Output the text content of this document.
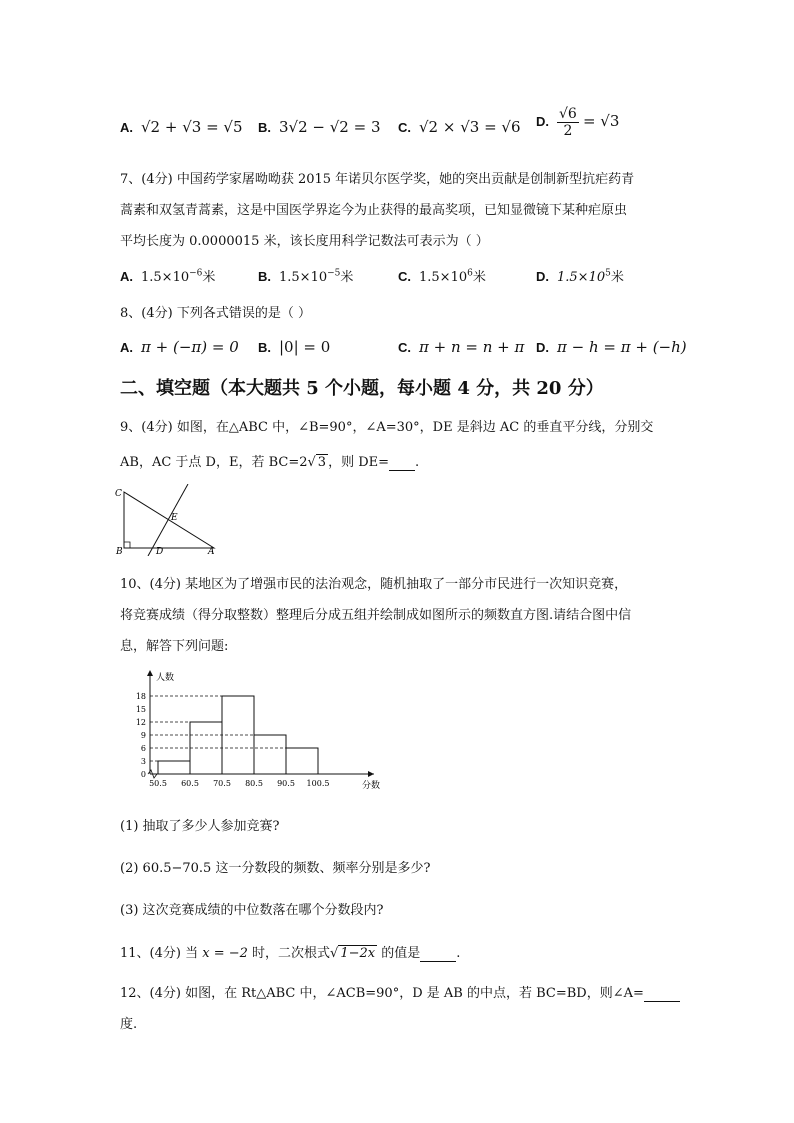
A. √2 + √3 = √5 B. 3√2 − √2 = 3 C. √2 × √3 = √6 D. $\frac{√6}{2} = √3$
7、(4分) 中国药学家屠呦呦获 2015 年诺贝尔医学奖，她的突出贡献是创制新型抗疟药青
蒿素和双氢青蒿素，这是中国医学界迄今为止获得的最高奖项，已知显微镜下某种疟原虫
平均长度为 0.0000015 米，该长度用科学记数法可表示为（ ）
A. $1.5\times 10^{-6}$米	B. $1.5\times 10^{-5}$米	C. $1.5\times 10^6$米	D. $1.5\times 10^5$米
8、(4分) 下列各式错误的是（ ）
A. π + (−π) = 0 B. |0| = 0	C. π + n = n + π D. π − h = π + (−h)
二、填空题（本大题共 5 个小题，每小题 4 分，共 20 分）
9、(4分) 如图，在△ABC 中，∠B=90°，∠A=30°，DE 是斜边 AC 的垂直平分线，分别交
AB，AC 于点 D，E，若 BC=2√ 3 ，则 DE= .
C
E
B	D	A
10、(4分) 某地区为了增强市民的法治观念，随机抽取了一部分市民进行一次知识竞赛，
将竞赛成绩（得分取整数）整理后分成五组并绘制成如图所示的频数直方图.请结合图中信
息，解答下列问题:
0
3
6
9
12
15
18
50.5 60.5 70.5 80.5 90.5 100.5
人数
分数
(1) 抽取了多少人参加竞赛?
(2) 60.5−70.5 这一分数段的频数、频率分别是多少?
(3) 这次竞赛成绩的中位数落在哪个分数段内?
11、(4分) 当 x = −2 时，二次根式√ 1−2x 的值是	.
12、(4分) 如图，在 Rt△ABC 中，∠ACB=90°，D 是 AB 的中点，若 BC=BD，则∠A=
度.
